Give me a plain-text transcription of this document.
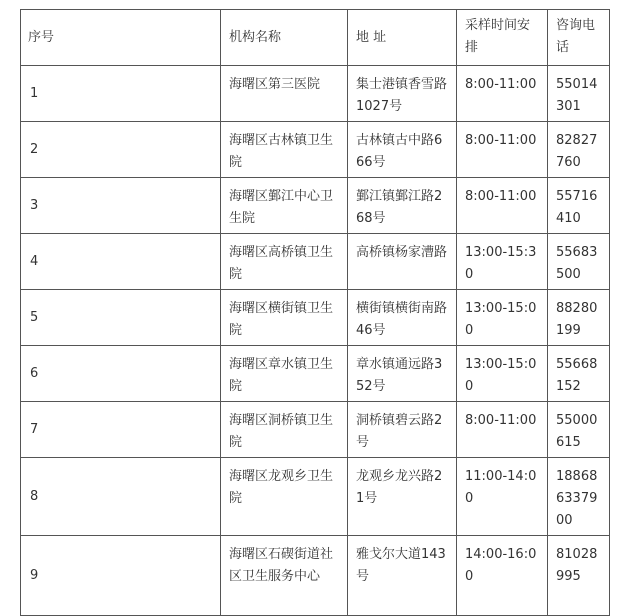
序号	机构名称	地 址	采样时间安排	咨询电话

1	海曙区第三医院	集士港镇香雪路1027号	8:00-11:00	55014301

2	海曙区古林镇卫生院	古林镇古中路666号	8:00-11:00	82827760

3	海曙区鄞江中心卫生院	鄞江镇鄞江路268号	8:00-11:00	55716410

4	海曙区高桥镇卫生院	高桥镇杨家漕路	13:00-15:30	55683500

5	海曙区横街镇卫生院	横街镇横街南路46号	13:00-15:00	88280199

6	海曙区章水镇卫生院	章水镇通远路352号	13:00-15:00	55668152

7	海曙区洞桥镇卫生院	洞桥镇碧云路2号	8:00-11:00	55000615

8	海曙区龙观乡卫生院	龙观乡龙兴路21号	11:00-14:00	188686337900

9	海曙区石碶街道社区卫生服务中心	雅戈尔大道143号	14:00-16:00	81028995
